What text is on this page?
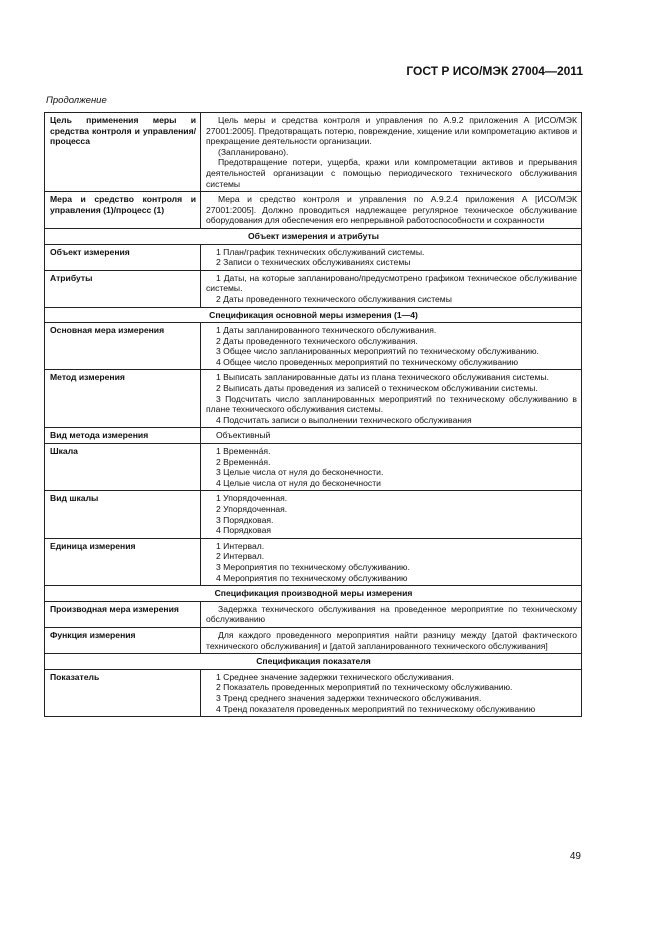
ГОСТ Р ИСО/МЭК 27004—2011
Продолжение
Цель применения меры и средства контроля и управления/процесса	Цель меры и средства контроля и управления по А.9.2 приложения А [ИСО/МЭК 27001:2005]. Предотвращать потерю, повреждение, хищение или компрометацию активов и прекращение деятельности организации.

(Запланировано).

Предотвращение потери, ущерба, кражи или компрометации активов и прерывания деятельностей организации с помощью периодического технического обслуживания системы

Мера и средство контроля и управления (1)/процесс (1)	Мера и средство контроля и управления по А.9.2.4 приложения А [ИСО/МЭК 27001:2005]. Должно проводиться надлежащее регулярное техническое обслуживание оборудования для обеспечения его непрерывной работоспособности и сохранности

Объект измерения и атрибуты	
Объект измерения	1 План/график технических обслуживаний системы.
2 Записи о технических обслуживаниях системы

Атрибуты	1 Даты, на которые запланировано/предусмотрено графиком техническое обслуживание системы.
2 Даты проведенного технического обслуживания системы

Спецификация основной меры измерения (1—4)	
Основная мера измерения	1 Даты запланированного технического обслуживания.
2 Даты проведенного технического обслуживания.
3 Общее число запланированных мероприятий по техническому обслуживанию.
4 Общее число проведенных мероприятий по техническому обслуживанию

Метод измерения	1 Выписать запланированные даты из плана технического обслуживания системы.
2 Выписать даты проведения из записей о техническом обслуживании системы.
3 Подсчитать число запланированных мероприятий по техническому обслуживанию в плане технического обслуживания системы.
4 Подсчитать записи о выполнении технического обслуживания

Вид метода измерения	Объективный

Шкала	1 Временна́я.
2 Временна́я.
3 Целые числа от нуля до бесконечности.
4 Целые числа от нуля до бесконечности

Вид шкалы	1 Упорядоченная.
2 Упорядоченная.
3 Порядковая.
4 Порядковая

Единица измерения	1 Интервал.
2 Интервал.
3 Мероприятия по техническому обслуживанию.
4 Мероприятия по техническому обслуживанию

Спецификация производной меры измерения	
Производная мера измерения	Задержка технического обслуживания на проведенное мероприятие по техническому обслуживанию

Функция измерения	Для каждого проведенного мероприятия найти разницу между [датой фактического технического обслуживания] и [датой запланированного технического обслуживания]

Спецификация показателя	
Показатель	1 Среднее значение задержки технического обслуживания.
2 Показатель проведенных мероприятий по техническому обслуживанию.
3 Тренд среднего значения задержки технического обслуживания.
4 Тренд показателя проведенных мероприятий по техническому обслуживанию
49
